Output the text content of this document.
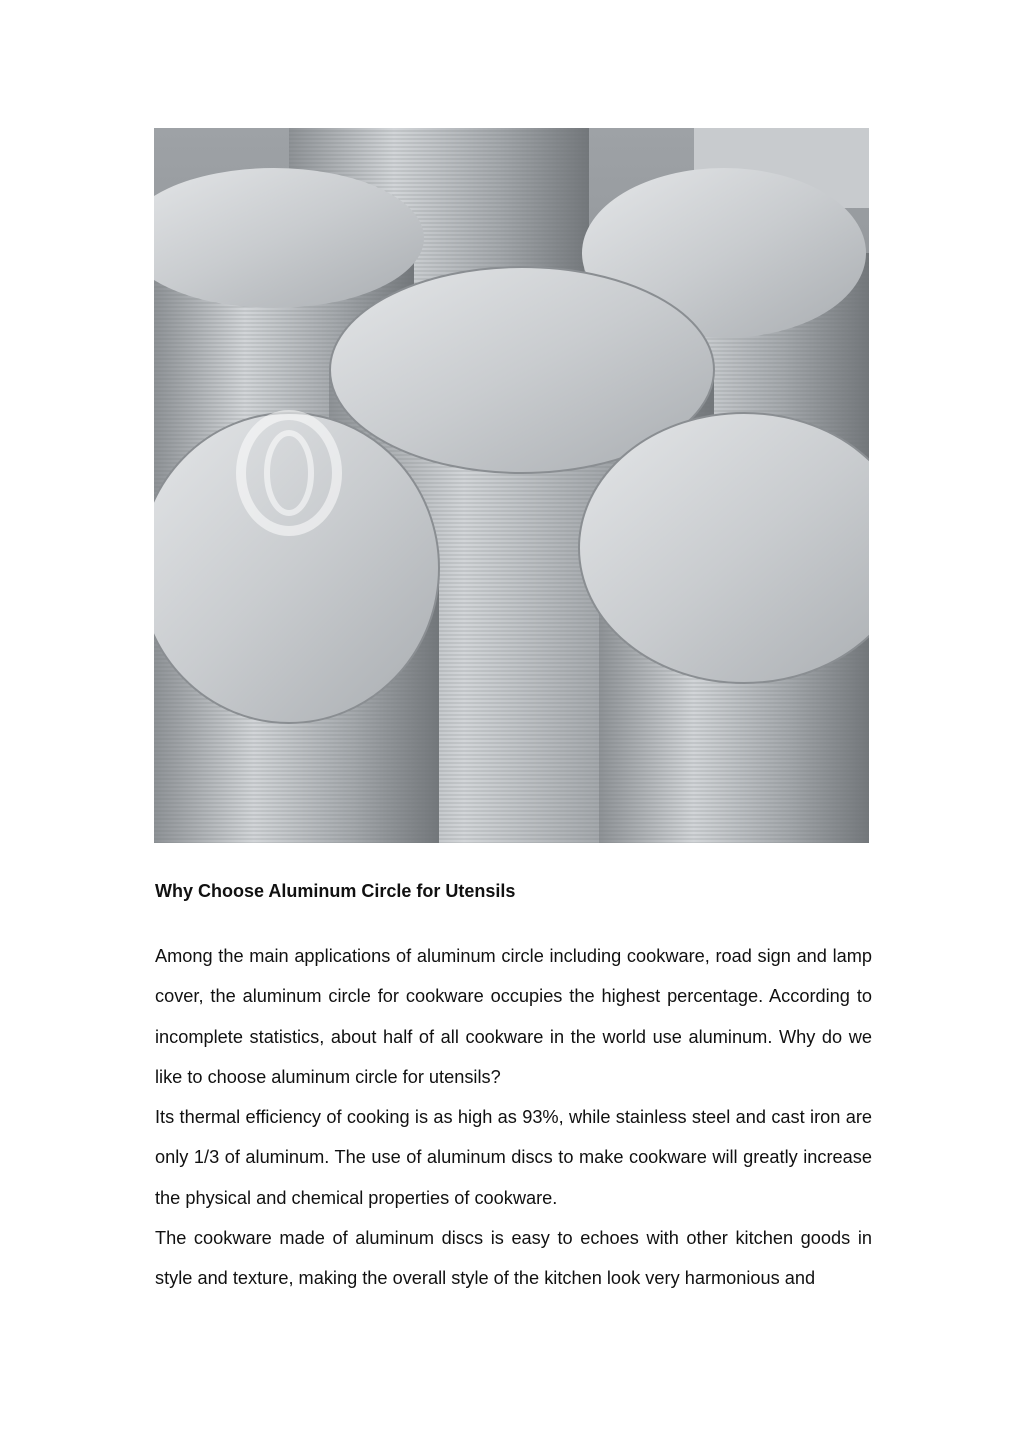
Why Choose Aluminum Circle for Utensils

Among the main applications of aluminum circle including cookware, road sign and lamp cover, the aluminum circle for cookware occupies the highest percentage. According to incomplete statistics, about half of all cookware in the world use aluminum. Why do we like to choose aluminum circle for utensils?

Its thermal efficiency of cooking is as high as 93%, while stainless steel and cast iron are only 1/3 of aluminum. The use of aluminum discs to make cookware will greatly increase the physical and chemical properties of cookware.

The cookware made of aluminum discs is easy to echoes with other kitchen goods in style and texture, making the overall style of the kitchen look very harmonious and
